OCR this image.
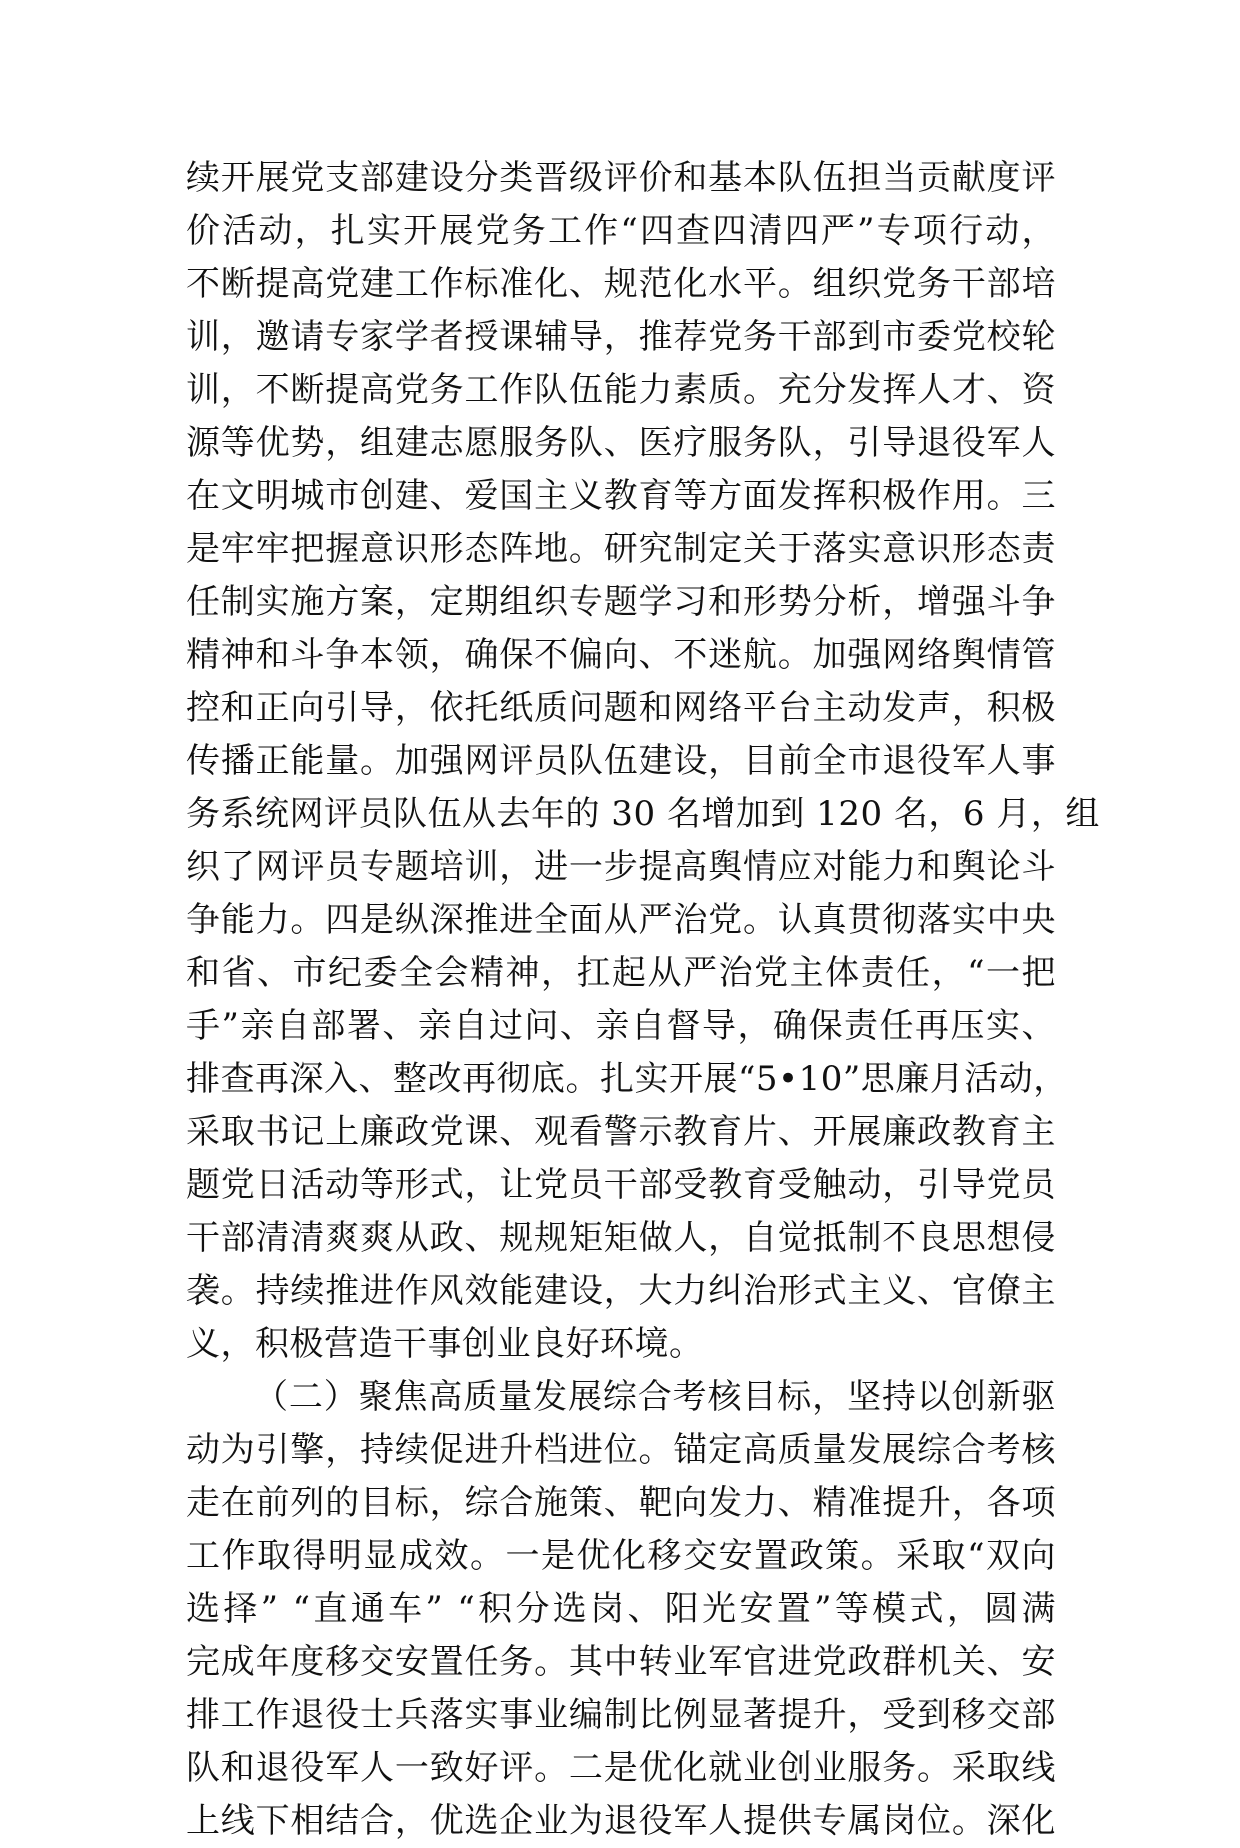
续开展党支部建设分类晋级评价和基本队伍担当贡献度评
价活动，扎实开展党务工作“四查四清四严”专项行动，
不断提高党建工作标准化、规范化水平。组织党务干部培
训，邀请专家学者授课辅导，推荐党务干部到市委党校轮
训，不断提高党务工作队伍能力素质。充分发挥人才、资
源等优势，组建志愿服务队、医疗服务队，引导退役军人
在文明城市创建、爱国主义教育等方面发挥积极作用。三
是牢牢把握意识形态阵地。研究制定关于落实意识形态责
任制实施方案，定期组织专题学习和形势分析，增强斗争
精神和斗争本领，确保不偏向、不迷航。加强网络舆情管
控和正向引导，依托纸质问题和网络平台主动发声，积极
传播正能量。加强网评员队伍建设，目前全市退役军人事
务系统网评员队伍从去年的 30 名增加到 120 名，6 月，组
织了网评员专题培训，进一步提高舆情应对能力和舆论斗
争能力。四是纵深推进全面从严治党。认真贯彻落实中央
和省、市纪委全会精神，扛起从严治党主体责任，“一把
手”亲自部署、亲自过问、亲自督导，确保责任再压实、
排查再深入、整改再彻底。扎实开展“5•10”思廉月活动，
采取书记上廉政党课、观看警示教育片、开展廉政教育主
题党日活动等形式，让党员干部受教育受触动，引导党员
干部清清爽爽从政、规规矩矩做人，自觉抵制不良思想侵
袭。持续推进作风效能建设，大力纠治形式主义、官僚主
义，积极营造干事创业良好环境。
（二）聚焦高质量发展综合考核目标，坚持以创新驱
动为引擎，持续促进升档进位。锚定高质量发展综合考核
走在前列的目标，综合施策、靶向发力、精准提升，各项
工作取得明显成效。一是优化移交安置政策。采取“双向
选择” “直通车” “积分选岗、阳光安置”等模式，圆满
完成年度移交安置任务。其中转业军官进党政群机关、安
排工作退役士兵落实事业编制比例显著提升，受到移交部
队和退役军人一致好评。二是优化就业创业服务。采取线
上线下相结合，优选企业为退役军人提供专属岗位。深化
